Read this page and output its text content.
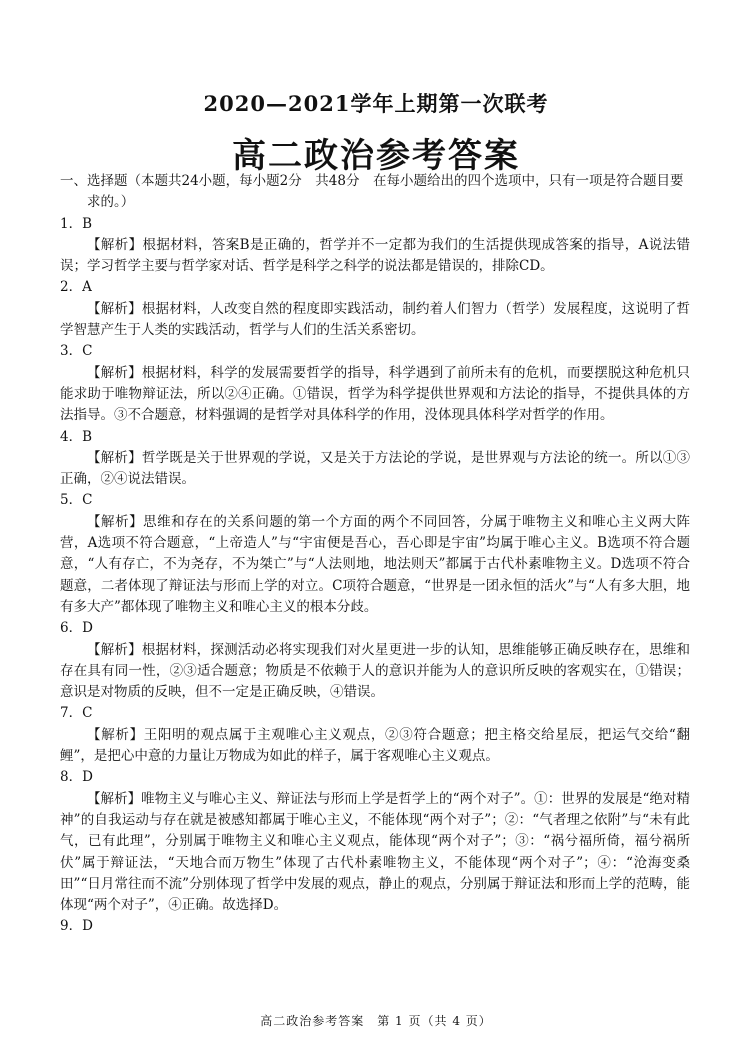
2020—2021学年上期第一次联考
高二政治参考答案

一、选择题（本题共24小题，每小题2分　共48分　在每小题给出的四个选项中，只有一项是符合题目要求的。）

1．B

【解析】根据材料，答案B是正确的，哲学并不一定都为我们的生活提供现成答案的指导，A说法错误；学习哲学主要与哲学家对话、哲学是科学之科学的说法都是错误的，排除CD。

2．A

【解析】根据材料，人改变自然的程度即实践活动，制约着人们智力（哲学）发展程度，这说明了哲学智慧产生于人类的实践活动，哲学与人们的生活关系密切。

3．C

【解析】根据材料，科学的发展需要哲学的指导，科学遇到了前所未有的危机，而要摆脱这种危机只能求助于唯物辩证法，所以②④正确。①错误，哲学为科学提供世界观和方法论的指导，不提供具体的方法指导。③不合题意，材料强调的是哲学对具体科学的作用，没体现具体科学对哲学的作用。

4．B

【解析】哲学既是关于世界观的学说，又是关于方法论的学说，是世界观与方法论的统一。所以①③正确，②④说法错误。

5．C

【解析】思维和存在的关系问题的第一个方面的两个不同回答，分属于唯物主义和唯心主义两大阵营，A选项不符合题意，“上帝造人”与“宇宙便是吾心，吾心即是宇宙”均属于唯心主义。B选项不符合题意，“人有存亡，不为尧存，不为桀亡”与“人法则地，地法则天”都属于古代朴素唯物主义。D选项不符合题意，二者体现了辩证法与形而上学的对立。C项符合题意，“世界是一团永恒的活火”与“人有多大胆，地有多大产”都体现了唯物主义和唯心主义的根本分歧。

6．D

【解析】根据材料，探测活动必将实现我们对火星更进一步的认知，思维能够正确反映存在，思维和存在具有同一性，②③适合题意；物质是不依赖于人的意识并能为人的意识所反映的客观实在，①错误；意识是对物质的反映，但不一定是正确反映，④错误。

7．C

【解析】王阳明的观点属于主观唯心主义观点，②③符合题意；把主格交给星辰，把运气交给“翻鲤”，是把心中意的力量让万物成为如此的样子，属于客观唯心主义观点。

8．D

【解析】唯物主义与唯心主义、辩证法与形而上学是哲学上的“两个对子”。①：世界的发展是“绝对精神”的自我运动与存在就是被感知都属于唯心主义，不能体现“两个对子”；②：“气者理之依附”与“未有此气，已有此理”，分别属于唯物主义和唯心主义观点，能体现“两个对子”；③：“祸兮福所倚，福兮祸所伏”属于辩证法，“天地合而万物生”体现了古代朴素唯物主义，不能体现“两个对子”；④：“沧海变桑田”“日月常往而不流”分别体现了哲学中发展的观点，静止的观点，分别属于辩证法和形而上学的范畴，能体现“两个对子”，④正确。故选择D。

9．D

高二政治参考答案　第 1 页（共 4 页）
